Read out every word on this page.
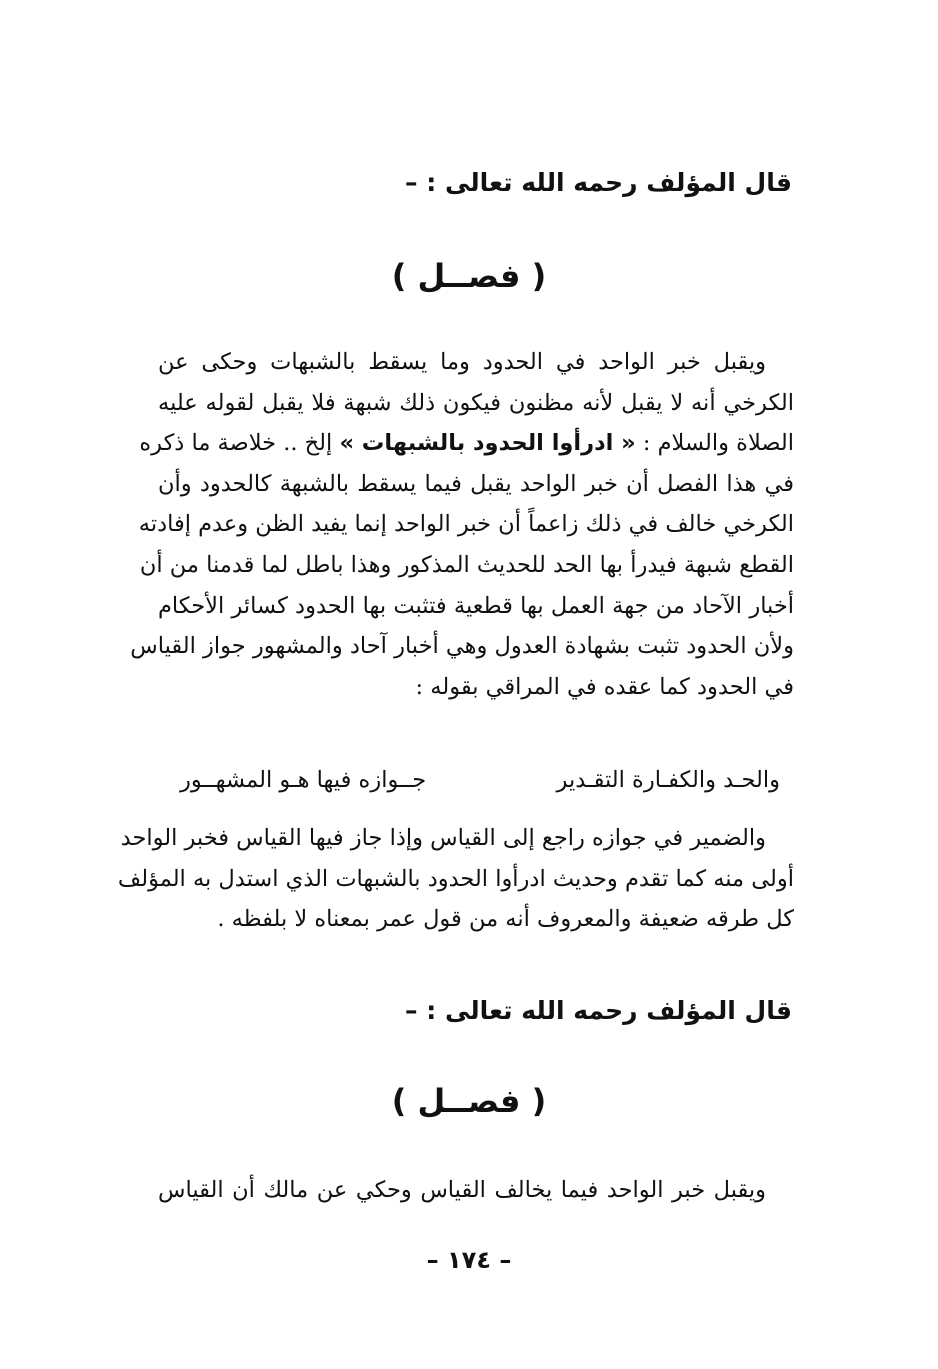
قال المؤلف رحمه الله تعالى : –
( فصــل )
ويقبل خبر الواحد في الحدود وما يسقط بالشبهات وحكى عن
الكرخي أنه لا يقبل لأنه مظنون فيكون ذلك شبهة فلا يقبل لقوله عليه
الصلاة والسلام : « ادرأوا الحدود بالشبهات » إلخ .. خلاصة ما ذكره
في هذا الفصل أن خبر الواحد يقبل فيما يسقط بالشبهة كالحدود وأن
الكرخي خالف في ذلك زاعماً أن خبر الواحد إنما يفيد الظن وعدم إفادته
القطع شبهة فيدرأ بها الحد للحديث المذكور وهذا باطل لما قدمنا من أن
أخبار الآحاد من جهة العمل بها قطعية فتثبت بها الحدود كسائر الأحكام
ولأن الحدود تثبت بشهادة العدول وهي أخبار آحاد والمشهور جواز القياس
في الحدود كما عقده في المراقي بقوله :
والحـد والكفـارة التقـدير
جــوازه فيها هـو المشهــور
والضمير في جوازه راجع إلى القياس وإذا جاز فيها القياس فخبر الواحد
أولى منه كما تقدم وحديث ادرأوا الحدود بالشبهات الذي استدل به المؤلف
كل طرقه ضعيفة والمعروف أنه من قول عمر بمعناه لا بلفظه .
قال المؤلف رحمه الله تعالى : –
( فصــل )
ويقبل خبر الواحد فيما يخالف القياس وحكي عن مالك أن القياس
– ١٧٤ –
